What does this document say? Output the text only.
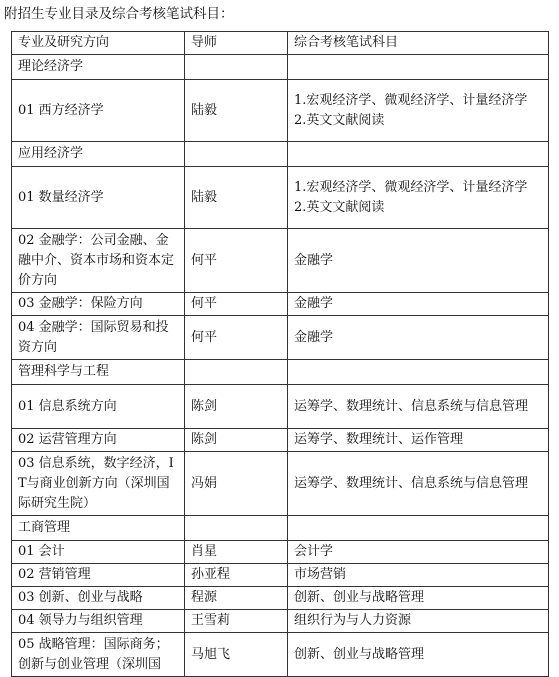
附招生专业目录及综合考核笔试科目：
专业及研究方向	导师	综合考核笔试科目
理论经济学		
01 西方经济学	陆毅	1.宏观经济学、微观经济学、计量经济学
2.英文文献阅读

应用经济学		
01 数量经济学	陆毅	1.宏观经济学、微观经济学、计量经济学
2.英文文献阅读

02 金融学：公司金融、金融中介、资本市场和资本定价方向	何平	金融学

03 金融学：保险方向	何平	金融学

04 金融学：国际贸易和投资方向	何平	金融学

管理科学与工程		
01 信息系统方向	陈剑	运筹学、数理统计、信息系统与信息管理

02 运营管理方向	陈剑	运筹学、数理统计、运作管理

03 信息系统，数字经济，IT与商业创新方向（深圳国际研究生院）	冯娟	运筹学、数理统计、信息系统与信息管理

工商管理		
01 会计	肖星	会计学

02 营销管理	孙亚程	市场营销

03 创新、创业与战略	程源	创新、创业与战略管理

04 领导力与组织管理	王雪莉	组织行为与人力资源

05 战略管理：国际商务；创新与创业管理（深圳国	马旭飞	创新、创业与战略管理
